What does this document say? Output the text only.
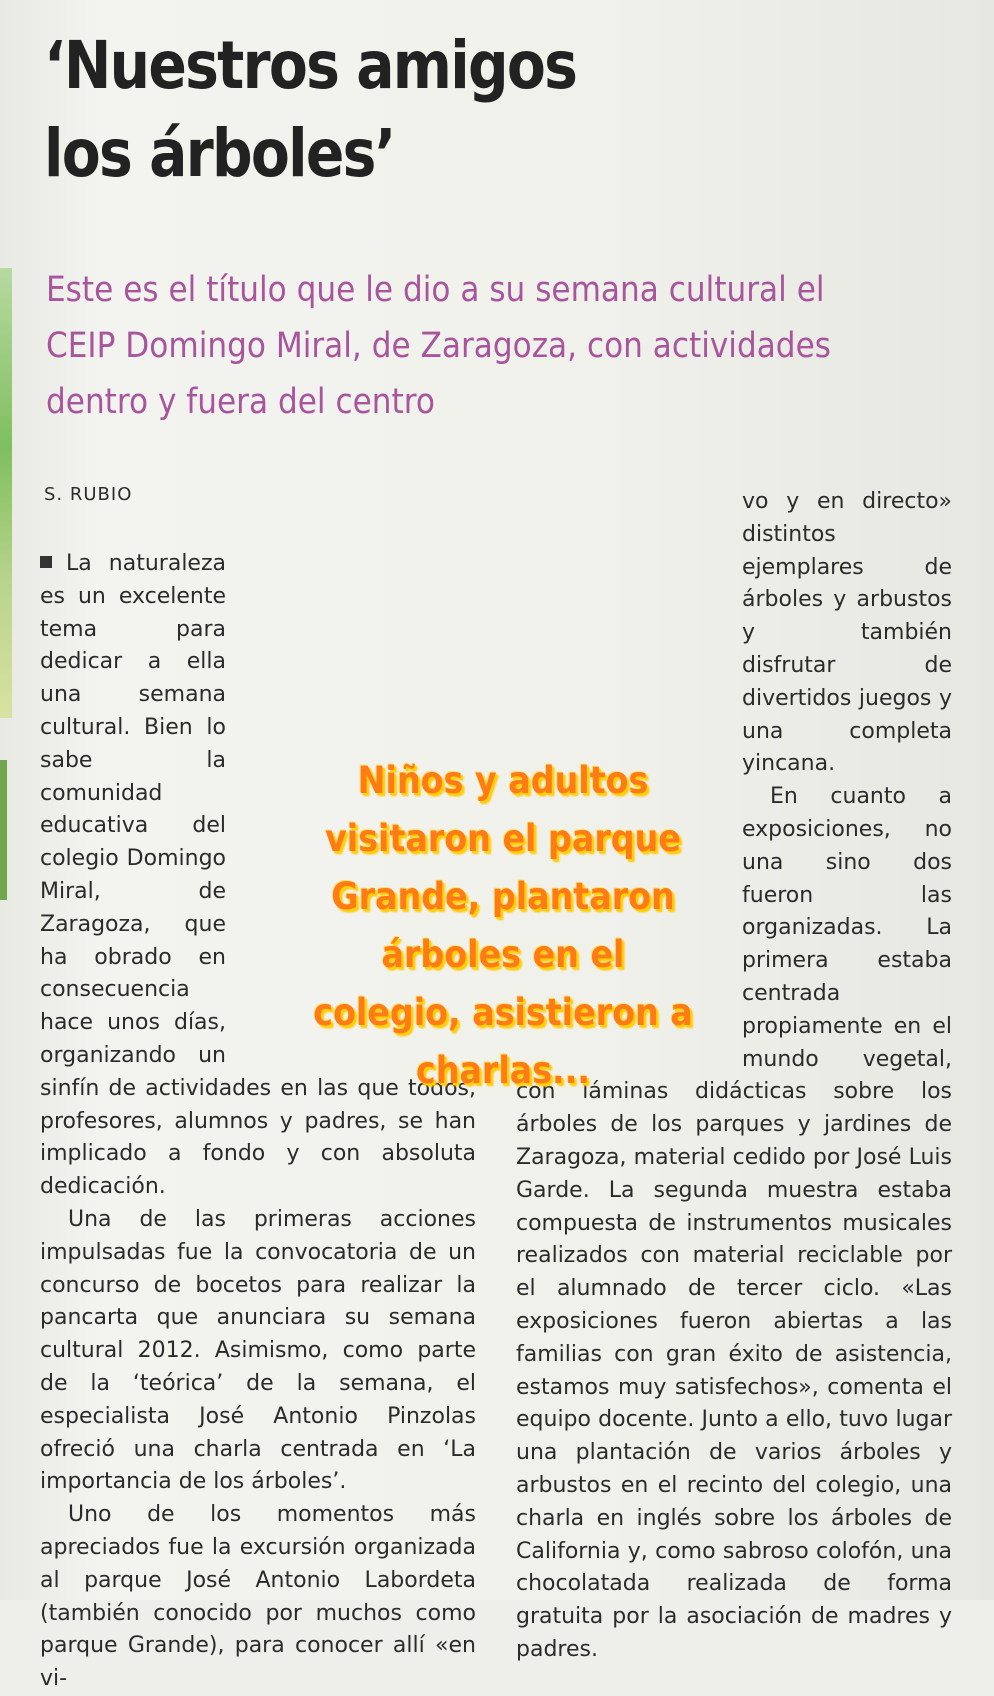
‘Nuestros amigos los árboles’

Este es el título que le dio a su semana cultural el CEIP Domingo Miral, de Zaragoza, con actividades dentro y fuera del centro

S. RUBIO

La naturaleza es un excelente tema para dedicar a ella una semana cultural. Bien lo sabe la comunidad educativa del colegio Domingo Miral, de Zaragoza, que ha obrado en consecuencia hace unos días, organizando un sinfín de actividades en las que todos, profesores, alumnos y padres, se han implicado a fondo y con absoluta dedicación.

Una de las primeras acciones impulsadas fue la convocatoria de un concurso de bocetos para realizar la pancarta que anunciara su semana cultural 2012. Asimismo, como parte de la ‘teórica’ de la semana, el especialista José Antonio Pinzolas ofreció una charla centrada en ‘La importancia de los árboles’.

Uno de los momentos más apreciados fue la excursión organizada al parque José Antonio Labordeta (también conocido por muchos como parque Grande), para conocer allí «en vi-

vo y en directo» distintos ejemplares de árboles y arbustos y también disfrutar de divertidos juegos y una completa yincana.

En cuanto a exposiciones, no una sino dos fueron las organizadas. La primera estaba centrada propiamente en el mundo vegetal, con láminas didácticas sobre los árboles de los parques y jardines de Zaragoza, material cedido por José Luis Garde. La segunda muestra estaba compuesta de instrumentos musicales realizados con material reciclable por el alumnado de tercer ciclo. «Las exposiciones fueron abiertas a las familias con gran éxito de asistencia, estamos muy satisfechos», comenta el equipo docente. Junto a ello, tuvo lugar una plantación de varios árboles y arbustos en el recinto del colegio, una charla en inglés sobre los árboles de California y, como sabroso colofón, una chocolatada realizada de forma gratuita por la asociación de madres y padres.

Niños y adultos visitaron el parque Grande, plantaron árboles en el colegio, asistieron a charlas...
